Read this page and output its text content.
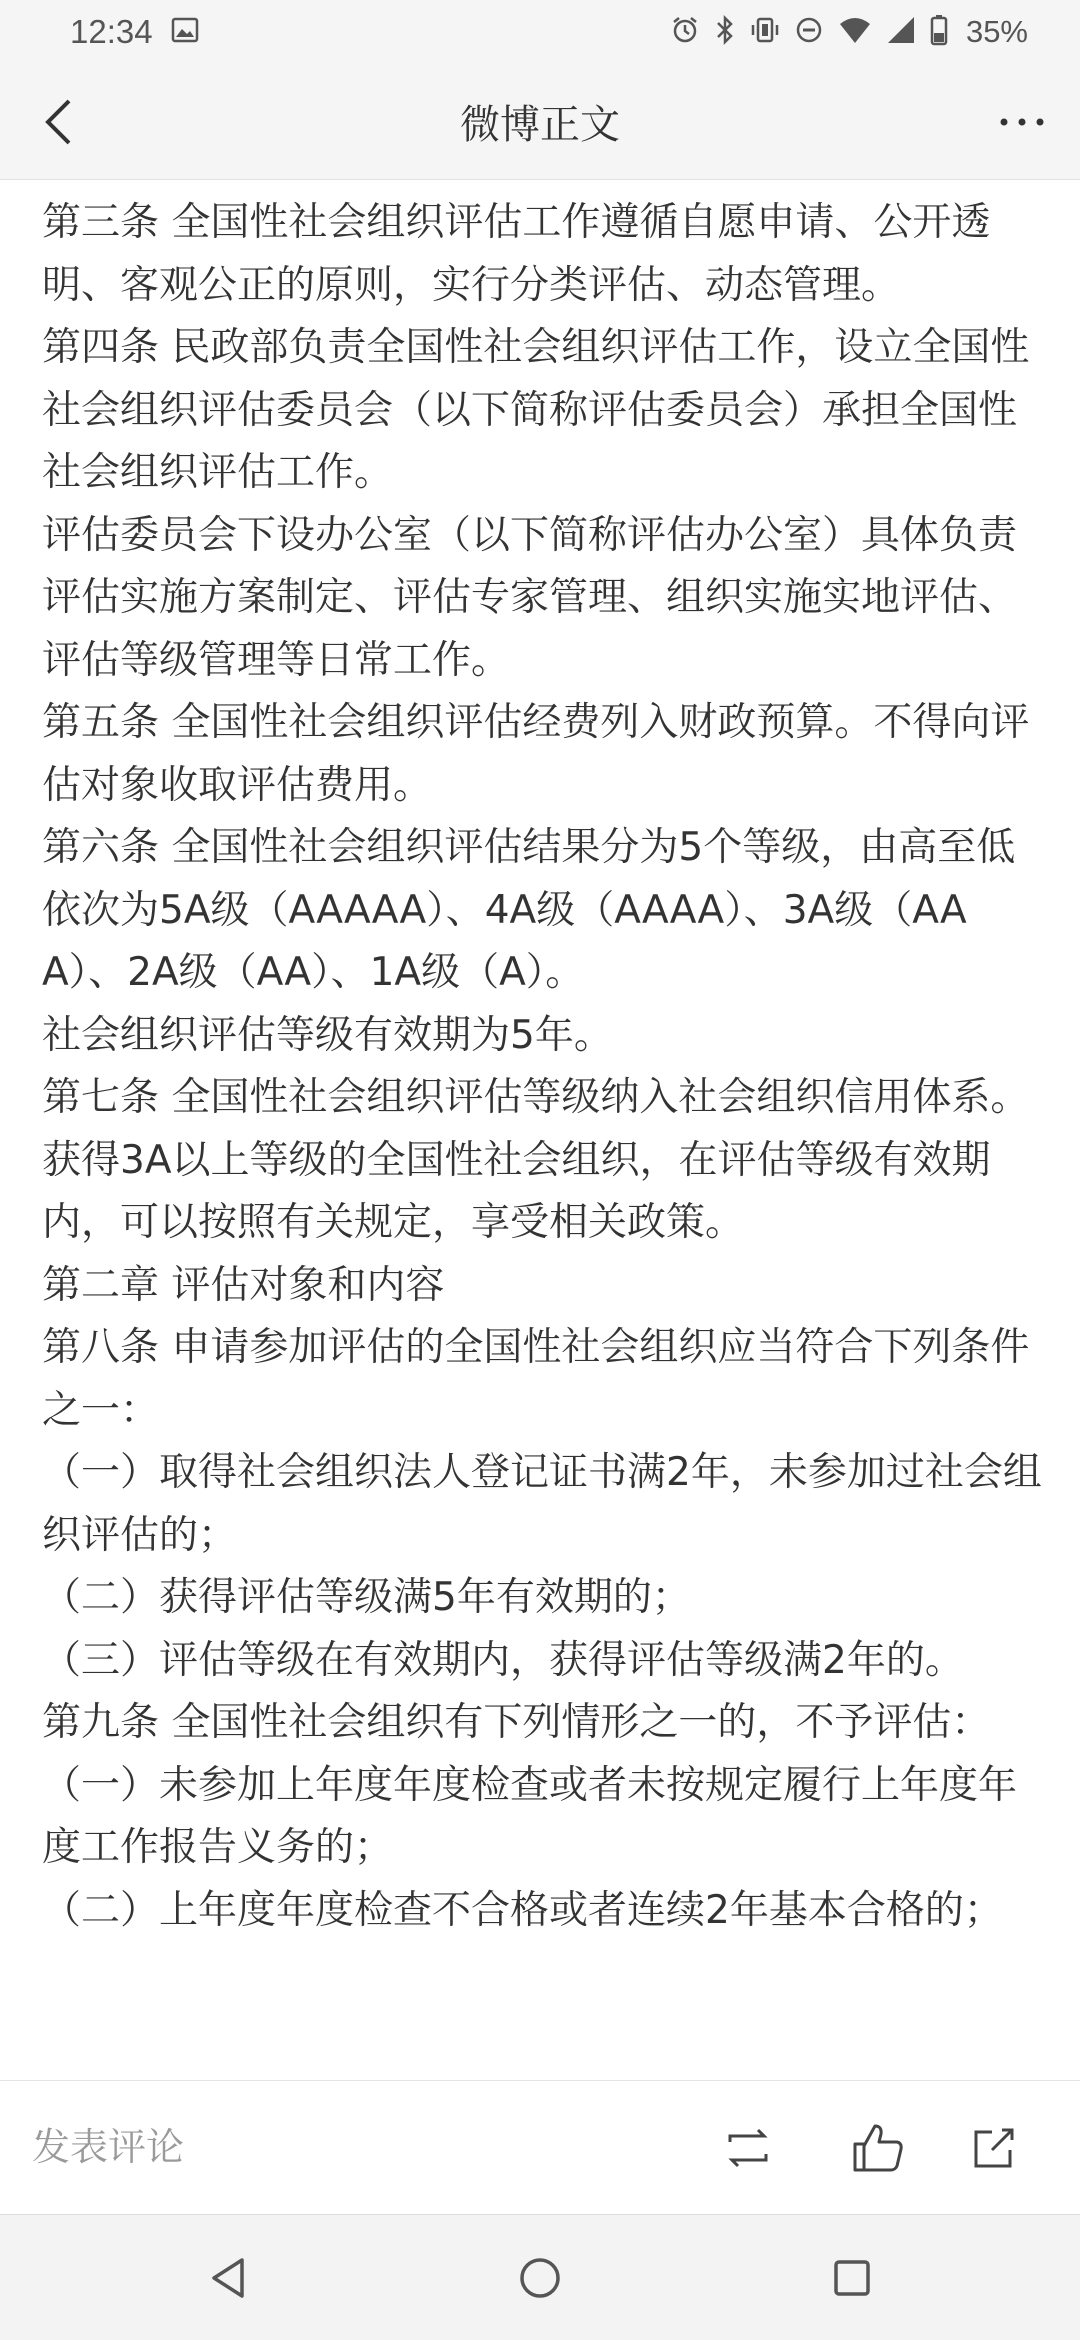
12:34	35%
微博正文

第三条 全国性社会组织评估工作遵循自愿申请、公开透明、客观公正的原则，实行分类评估、动态管理。

第四条 民政部负责全国性社会组织评估工作，设立全国性社会组织评估委员会（以下简称评估委员会）承担全国性社会组织评估工作。

评估委员会下设办公室（以下简称评估办公室）具体负责评估实施方案制定、评估专家管理、组织实施实地评估、评估等级管理等日常工作。

第五条 全国性社会组织评估经费列入财政预算。不得向评估对象收取评估费用。

第六条 全国性社会组织评估结果分为5个等级，由高至低依次为5A级（AAAAA）、4A级（AAAA）、3A级（AAA）、2A级（AA）、1A级（A）。

社会组织评估等级有效期为5年。

第七条 全国性社会组织评估等级纳入社会组织信用体系。获得3A以上等级的全国性社会组织，在评估等级有效期内，可以按照有关规定，享受相关政策。

第二章 评估对象和内容

第八条 申请参加评估的全国性社会组织应当符合下列条件之一：

（一）取得社会组织法人登记证书满2年，未参加过社会组织评估的；

（二）获得评估等级满5年有效期的；

（三）评估等级在有效期内，获得评估等级满2年的。

第九条 全国性社会组织有下列情形之一的，不予评估：

（一）未参加上年度年度检查或者未按规定履行上年度年度工作报告义务的；

（二）上年度年度检查不合格或者连续2年基本合格的；

发表评论
